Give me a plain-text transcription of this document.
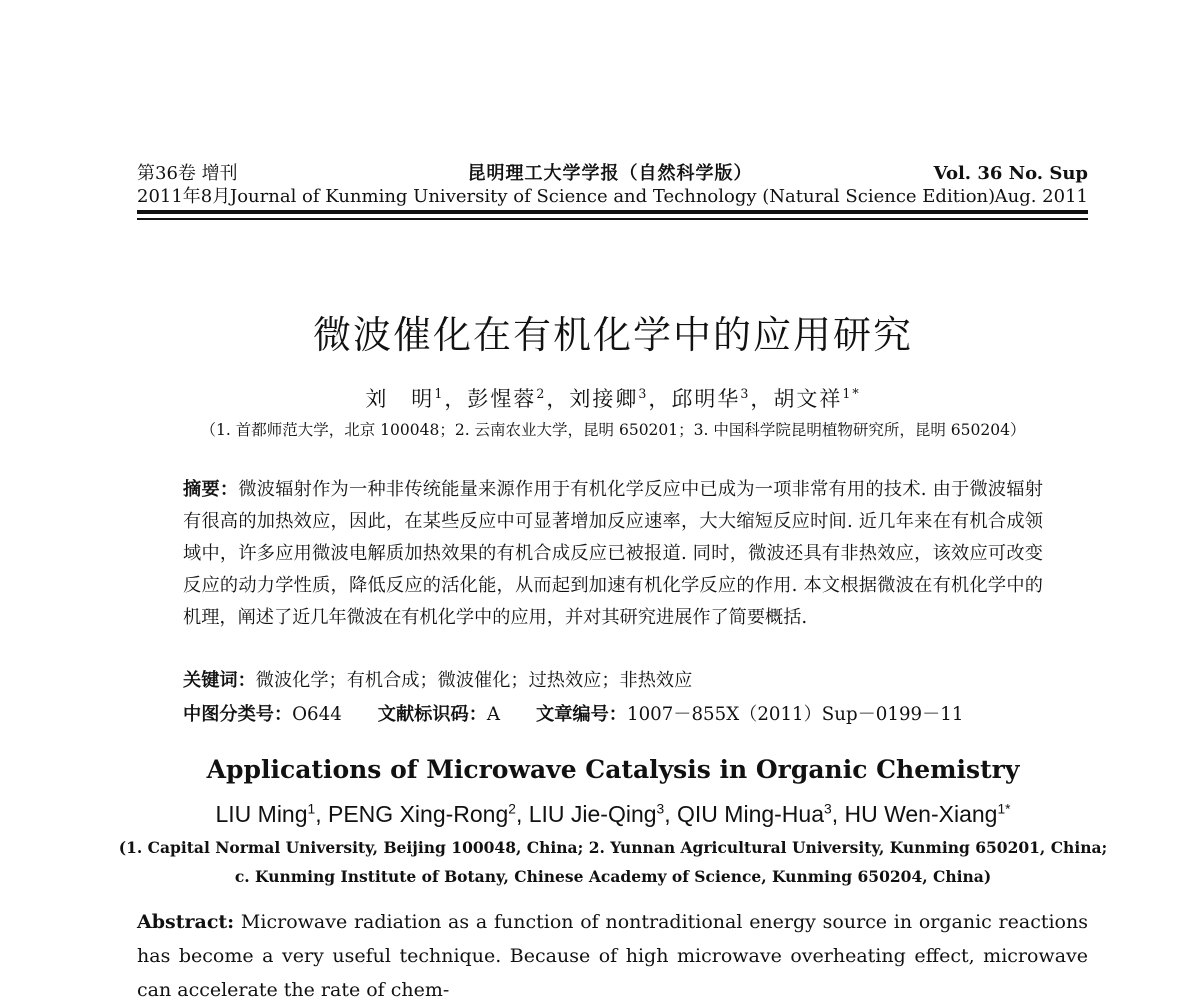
第36卷 增刊
2011年8月
昆明理工大学学报（自然科学版）
Journal of Kunming University of Science and Technology (Natural Science Edition)
Vol. 36 No. Sup
Aug. 2011
微波催化在有机化学中的应用研究
刘　明$^1$，彭惺蓉$^2$，刘接卿$^3$，邱明华$^3$，胡文祥$^{1*}$
（1. 首都师范大学，北京 100048；2. 云南农业大学，昆明 650201；3. 中国科学院昆明植物研究所，昆明 650204）
摘要：微波辐射作为一种非传统能量来源作用于有机化学反应中已成为一项非常有用的技术. 由于微波辐射有很高的加热效应，因此，在某些反应中可显著增加反应速率，大大缩短反应时间. 近几年来在有机合成领域中，许多应用微波电解质加热效果的有机合成反应已被报道. 同时，微波还具有非热效应，该效应可改变反应的动力学性质，降低反应的活化能，从而起到加速有机化学反应的作用. 本文根据微波在有机化学中的机理，阐述了近几年微波在有机化学中的应用，并对其研究进展作了简要概括.
关键词：微波化学；有机合成；微波催化；过热效应；非热效应
中图分类号：O644 文献标识码：A 文章编号：1007－855X（2011）Sup－0199－11
Applications of Microwave Catalysis in Organic Chemistry
LIU Ming$^1$, PENG Xing-Rong$^2$, LIU Jie-Qing$^3$, QIU Ming-Hua$^3$, HU Wen-Xiang$^{1*}$
(1. Capital Normal University, Beijing 100048, China; 2. Yunnan Agricultural University, Kunming 650201, China;
c. Kunming Institute of Botany, Chinese Academy of Science, Kunming 650204, China)
Abstract: Microwave radiation as a function of nontraditional energy source in organic reactions has become a very useful technique. Because of high microwave overheating effect, microwave can accelerate the rate of chem-
